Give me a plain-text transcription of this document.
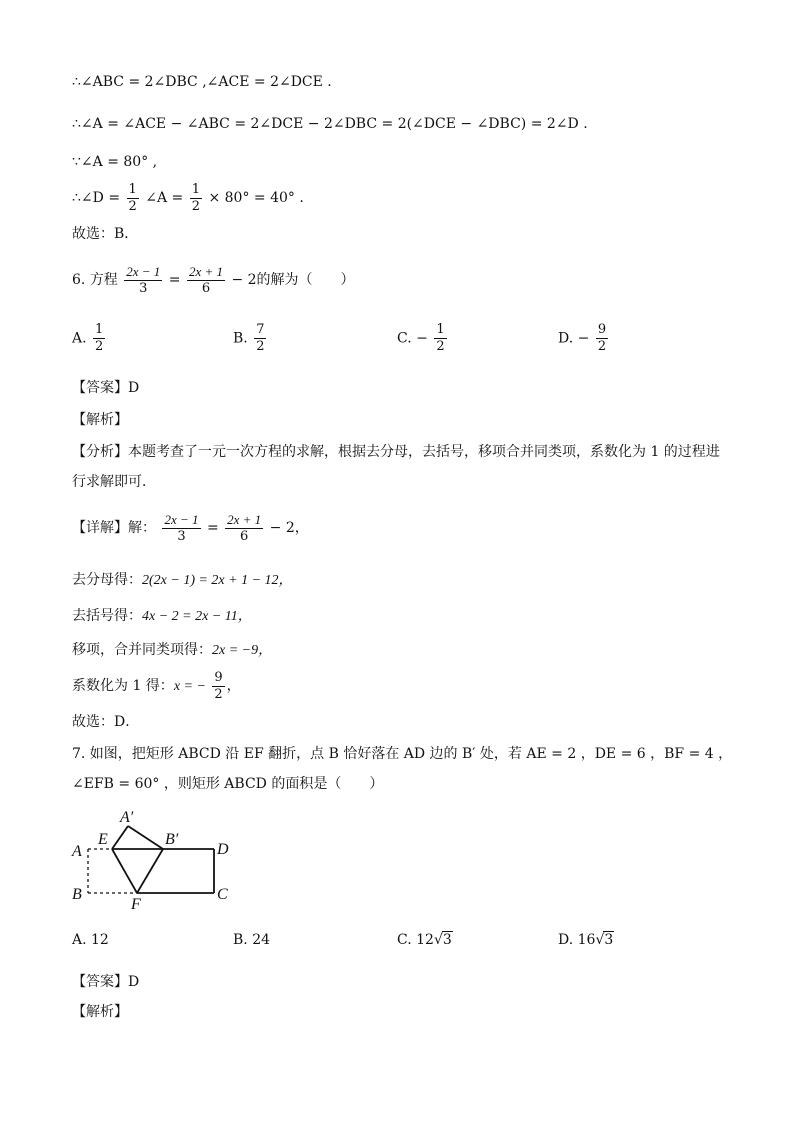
∴∠ABC = 2∠DBC ,∠ACE = 2∠DCE .
∴∠A = ∠ACE − ∠ABC = 2∠DCE − 2∠DBC = 2(∠DCE − ∠DBC) = 2∠D .
∵∠A = 80° ,
∴∠D = $\frac{1}{2}$ ∠A = $\frac{1}{2} \times 80^\circ = 40^\circ$ .
故选：B．
6. 方程 $\frac{2x - 1}{3} = \frac{2x + 1}{6} - 2$的解为（　　）
A. $\frac{1}{2}$	B. $\frac{7}{2}$	C. − $\frac{1}{2}$	D. − $\frac{9}{2}$
【答案】D
【解析】
【分析】本题考查了一元一次方程的求解，根据去分母，去括号，移项合并同类项，系数化为 1 的过程进
行求解即可．
【详解】解： $\frac{2x - 1}{3} = \frac{2x + 1}{6} - 2$，
去分母得：2(2x − 1) = 2x + 1 − 12，
去括号得：4x − 2 = 2x − 11，
移项，合并同类项得：2x = −9，
系数化为 1 得：x = − $\frac{9}{2}$ ，
故选：D．
7. 如图，把矩形 ABCD 沿 EF 翻折，点 B 恰好落在 AD 边的 B′ 处，若 AE = 2 ，DE = 6 ，BF = 4 ，
∠EFB = 60° ，则矩形 ABCD 的面积是（　　）
A′
E	B′
D
A
B
F
C
A. 12	B. 24	C. 12√3	D. 16√3
【答案】D
【解析】
